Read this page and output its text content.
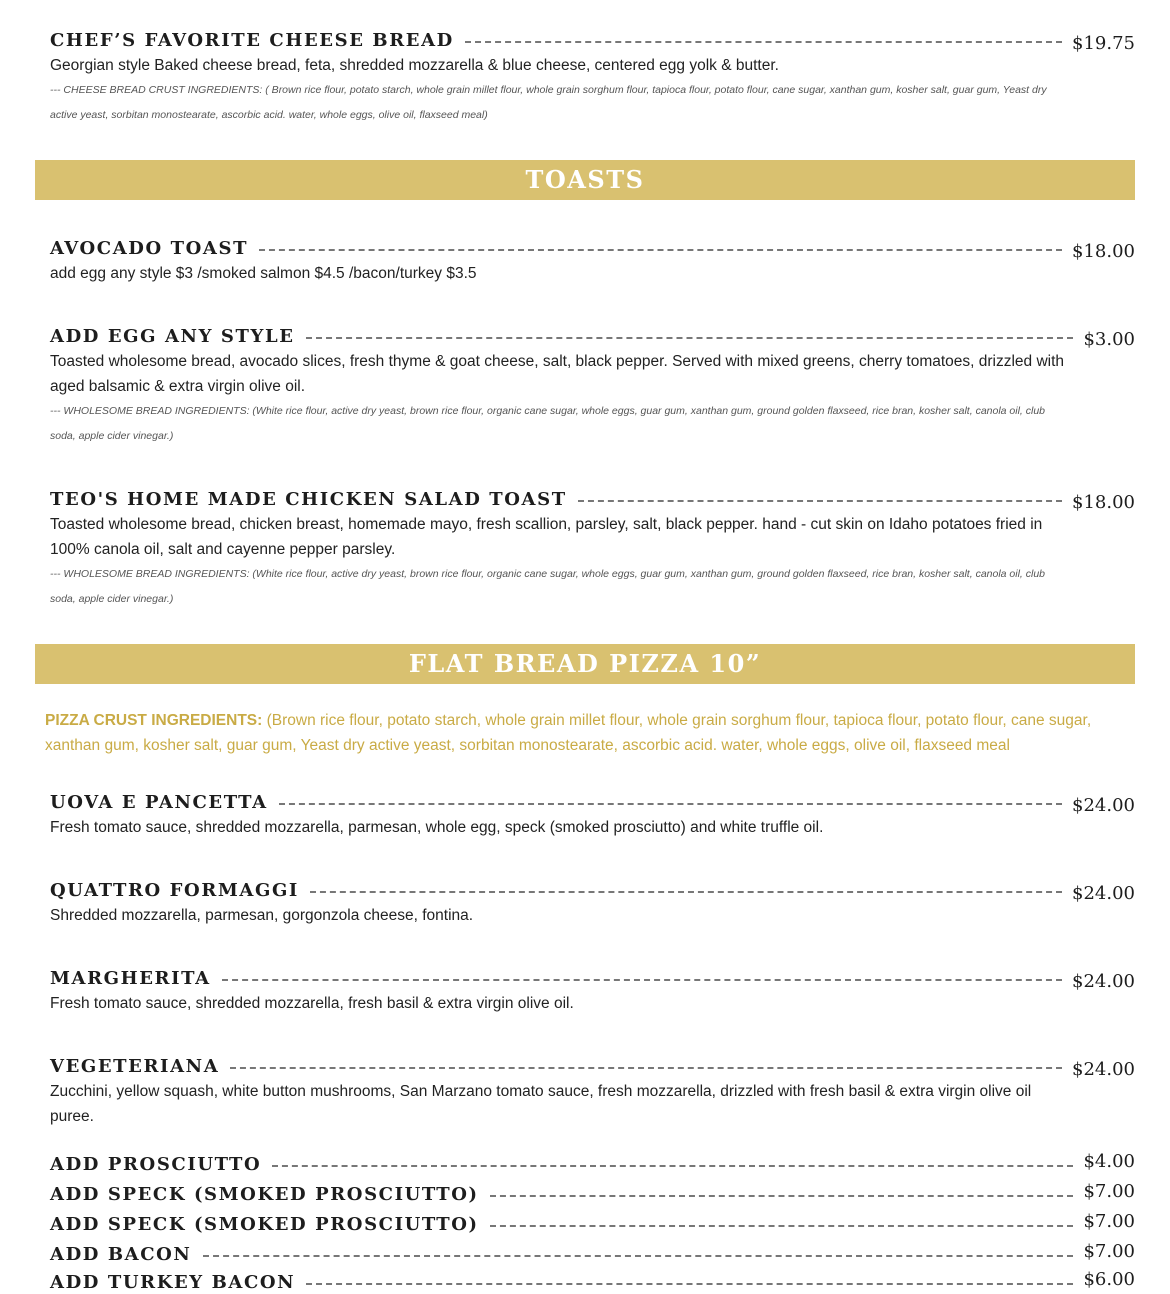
CHEF’S FAVORITE CHEESE BREAD	$19.75
Georgian style Baked cheese bread, feta, shredded mozzarella & blue cheese, centered egg yolk & butter.
--- CHEESE BREAD CRUST INGREDIENTS: ( Brown rice flour, potato starch, whole grain millet flour, whole grain sorghum flour, tapioca flour, potato flour, cane sugar, xanthan gum, kosher salt, guar gum, Yeast dry active yeast, sorbitan monostearate, ascorbic acid. water, whole eggs, olive oil, flaxseed meal)
TOASTS
AVOCADO TOAST	$18.00
add egg any style $3 /smoked salmon $4.5 /bacon/turkey $3.5
ADD EGG ANY STYLE	$3.00
Toasted wholesome bread, avocado slices, fresh thyme & goat cheese, salt, black pepper. Served with mixed greens, cherry tomatoes, drizzled with aged balsamic & extra virgin olive oil.
--- WHOLESOME BREAD INGREDIENTS: (White rice flour, active dry yeast, brown rice flour, organic cane sugar, whole eggs, guar gum, xanthan gum, ground golden flaxseed, rice bran, kosher salt, canola oil, club soda, apple cider vinegar.)
TEO'S HOME MADE CHICKEN SALAD TOAST	$18.00
Toasted wholesome bread, chicken breast, homemade mayo, fresh scallion, parsley, salt, black pepper. hand - cut skin on Idaho potatoes fried in 100% canola oil, salt and cayenne pepper parsley.
--- WHOLESOME BREAD INGREDIENTS: (White rice flour, active dry yeast, brown rice flour, organic cane sugar, whole eggs, guar gum, xanthan gum, ground golden flaxseed, rice bran, kosher salt, canola oil, club soda, apple cider vinegar.)
FLAT BREAD PIZZA 10”
PIZZA CRUST INGREDIENTS: (Brown rice flour, potato starch, whole grain millet flour, whole grain sorghum flour, tapioca flour, potato flour, cane sugar, xanthan gum, kosher salt, guar gum, Yeast dry active yeast, sorbitan monostearate, ascorbic acid. water, whole eggs, olive oil, flaxseed meal
UOVA E PANCETTA	$24.00
Fresh tomato sauce, shredded mozzarella, parmesan, whole egg, speck (smoked prosciutto) and white truffle oil.
QUATTRO FORMAGGI	$24.00
Shredded mozzarella, parmesan, gorgonzola cheese, fontina.
MARGHERITA	$24.00
Fresh tomato sauce, shredded mozzarella, fresh basil & extra virgin olive oil.
VEGETERIANA	$24.00
Zucchini, yellow squash, white button mushrooms, San Marzano tomato sauce, fresh mozzarella, drizzled with fresh basil & extra virgin olive oil puree.
ADD PROSCIUTTO	$4.00
ADD SPECK (SMOKED PROSCIUTTO)	$7.00
ADD SPECK (SMOKED PROSCIUTTO)	$7.00
ADD BACON	$7.00
ADD TURKEY BACON	$6.00
